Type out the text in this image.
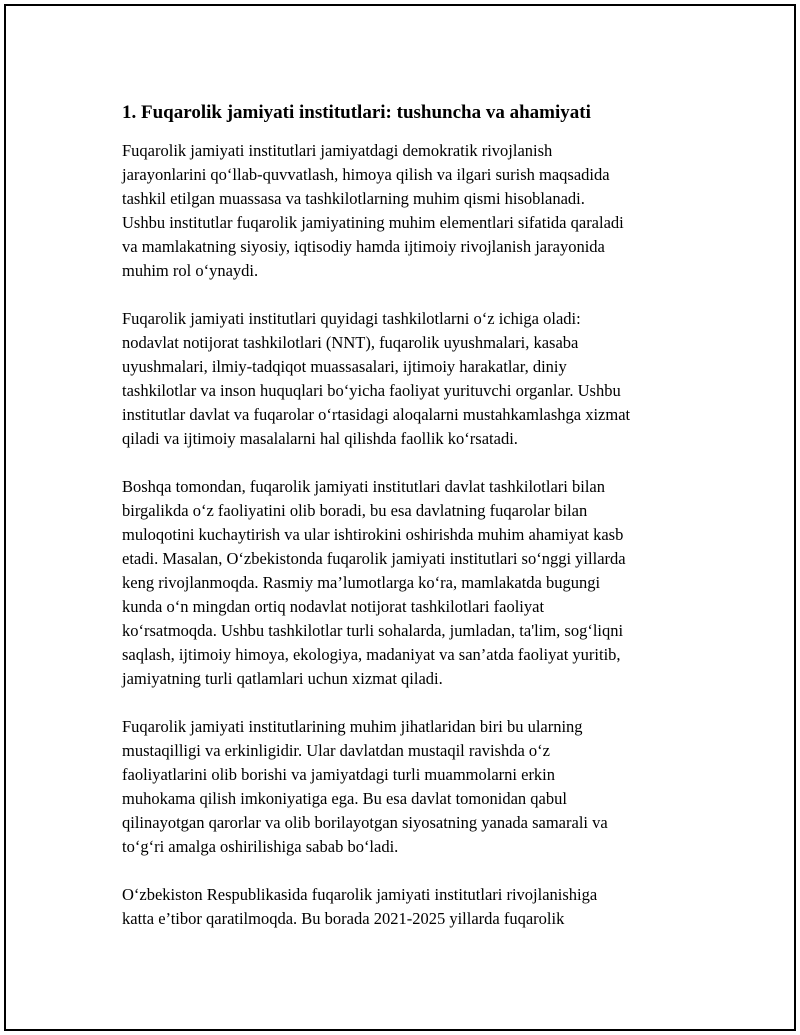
1. Fuqarolik jamiyati institutlari: tushuncha va ahamiyati
Fuqarolik jamiyati institutlari jamiyatdagi demokratik rivojlanish
jarayonlarini qo‘llab-quvvatlash, himoya qilish va ilgari surish maqsadida
tashkil etilgan muassasa va tashkilotlarning muhim qismi hisoblanadi.
Ushbu institutlar fuqarolik jamiyatining muhim elementlari sifatida qaraladi
va mamlakatning siyosiy, iqtisodiy hamda ijtimoiy rivojlanish jarayonida
muhim rol o‘ynaydi.
Fuqarolik jamiyati institutlari quyidagi tashkilotlarni o‘z ichiga oladi:
nodavlat notijorat tashkilotlari (NNT), fuqarolik uyushmalari, kasaba
uyushmalari, ilmiy-tadqiqot muassasalari, ijtimoiy harakatlar, diniy
tashkilotlar va inson huquqlari bo‘yicha faoliyat yurituvchi organlar. Ushbu
institutlar davlat va fuqarolar o‘rtasidagi aloqalarni mustahkamlashga xizmat
qiladi va ijtimoiy masalalarni hal qilishda faollik ko‘rsatadi.
Boshqa tomondan, fuqarolik jamiyati institutlari davlat tashkilotlari bilan
birgalikda o‘z faoliyatini olib boradi, bu esa davlatning fuqarolar bilan
muloqotini kuchaytirish va ular ishtirokini oshirishda muhim ahamiyat kasb
etadi. Masalan, O‘zbekistonda fuqarolik jamiyati institutlari so‘nggi yillarda
keng rivojlanmoqda. Rasmiy ma’lumotlarga ko‘ra, mamlakatda bugungi
kunda o‘n mingdan ortiq nodavlat notijorat tashkilotlari faoliyat
ko‘rsatmoqda. Ushbu tashkilotlar turli sohalarda, jumladan, ta'lim, sog‘liqni
saqlash, ijtimoiy himoya, ekologiya, madaniyat va san’atda faoliyat yuritib,
jamiyatning turli qatlamlari uchun xizmat qiladi.
Fuqarolik jamiyati institutlarining muhim jihatlaridan biri bu ularning
mustaqilligi va erkinligidir. Ular davlatdan mustaqil ravishda o‘z
faoliyatlarini olib borishi va jamiyatdagi turli muammolarni erkin
muhokama qilish imkoniyatiga ega. Bu esa davlat tomonidan qabul
qilinayotgan qarorlar va olib borilayotgan siyosatning yanada samarali va
to‘g‘ri amalga oshirilishiga sabab bo‘ladi.
O‘zbekiston Respublikasida fuqarolik jamiyati institutlari rivojlanishiga
katta e’tibor qaratilmoqda. Bu borada 2021-2025 yillarda fuqarolik
